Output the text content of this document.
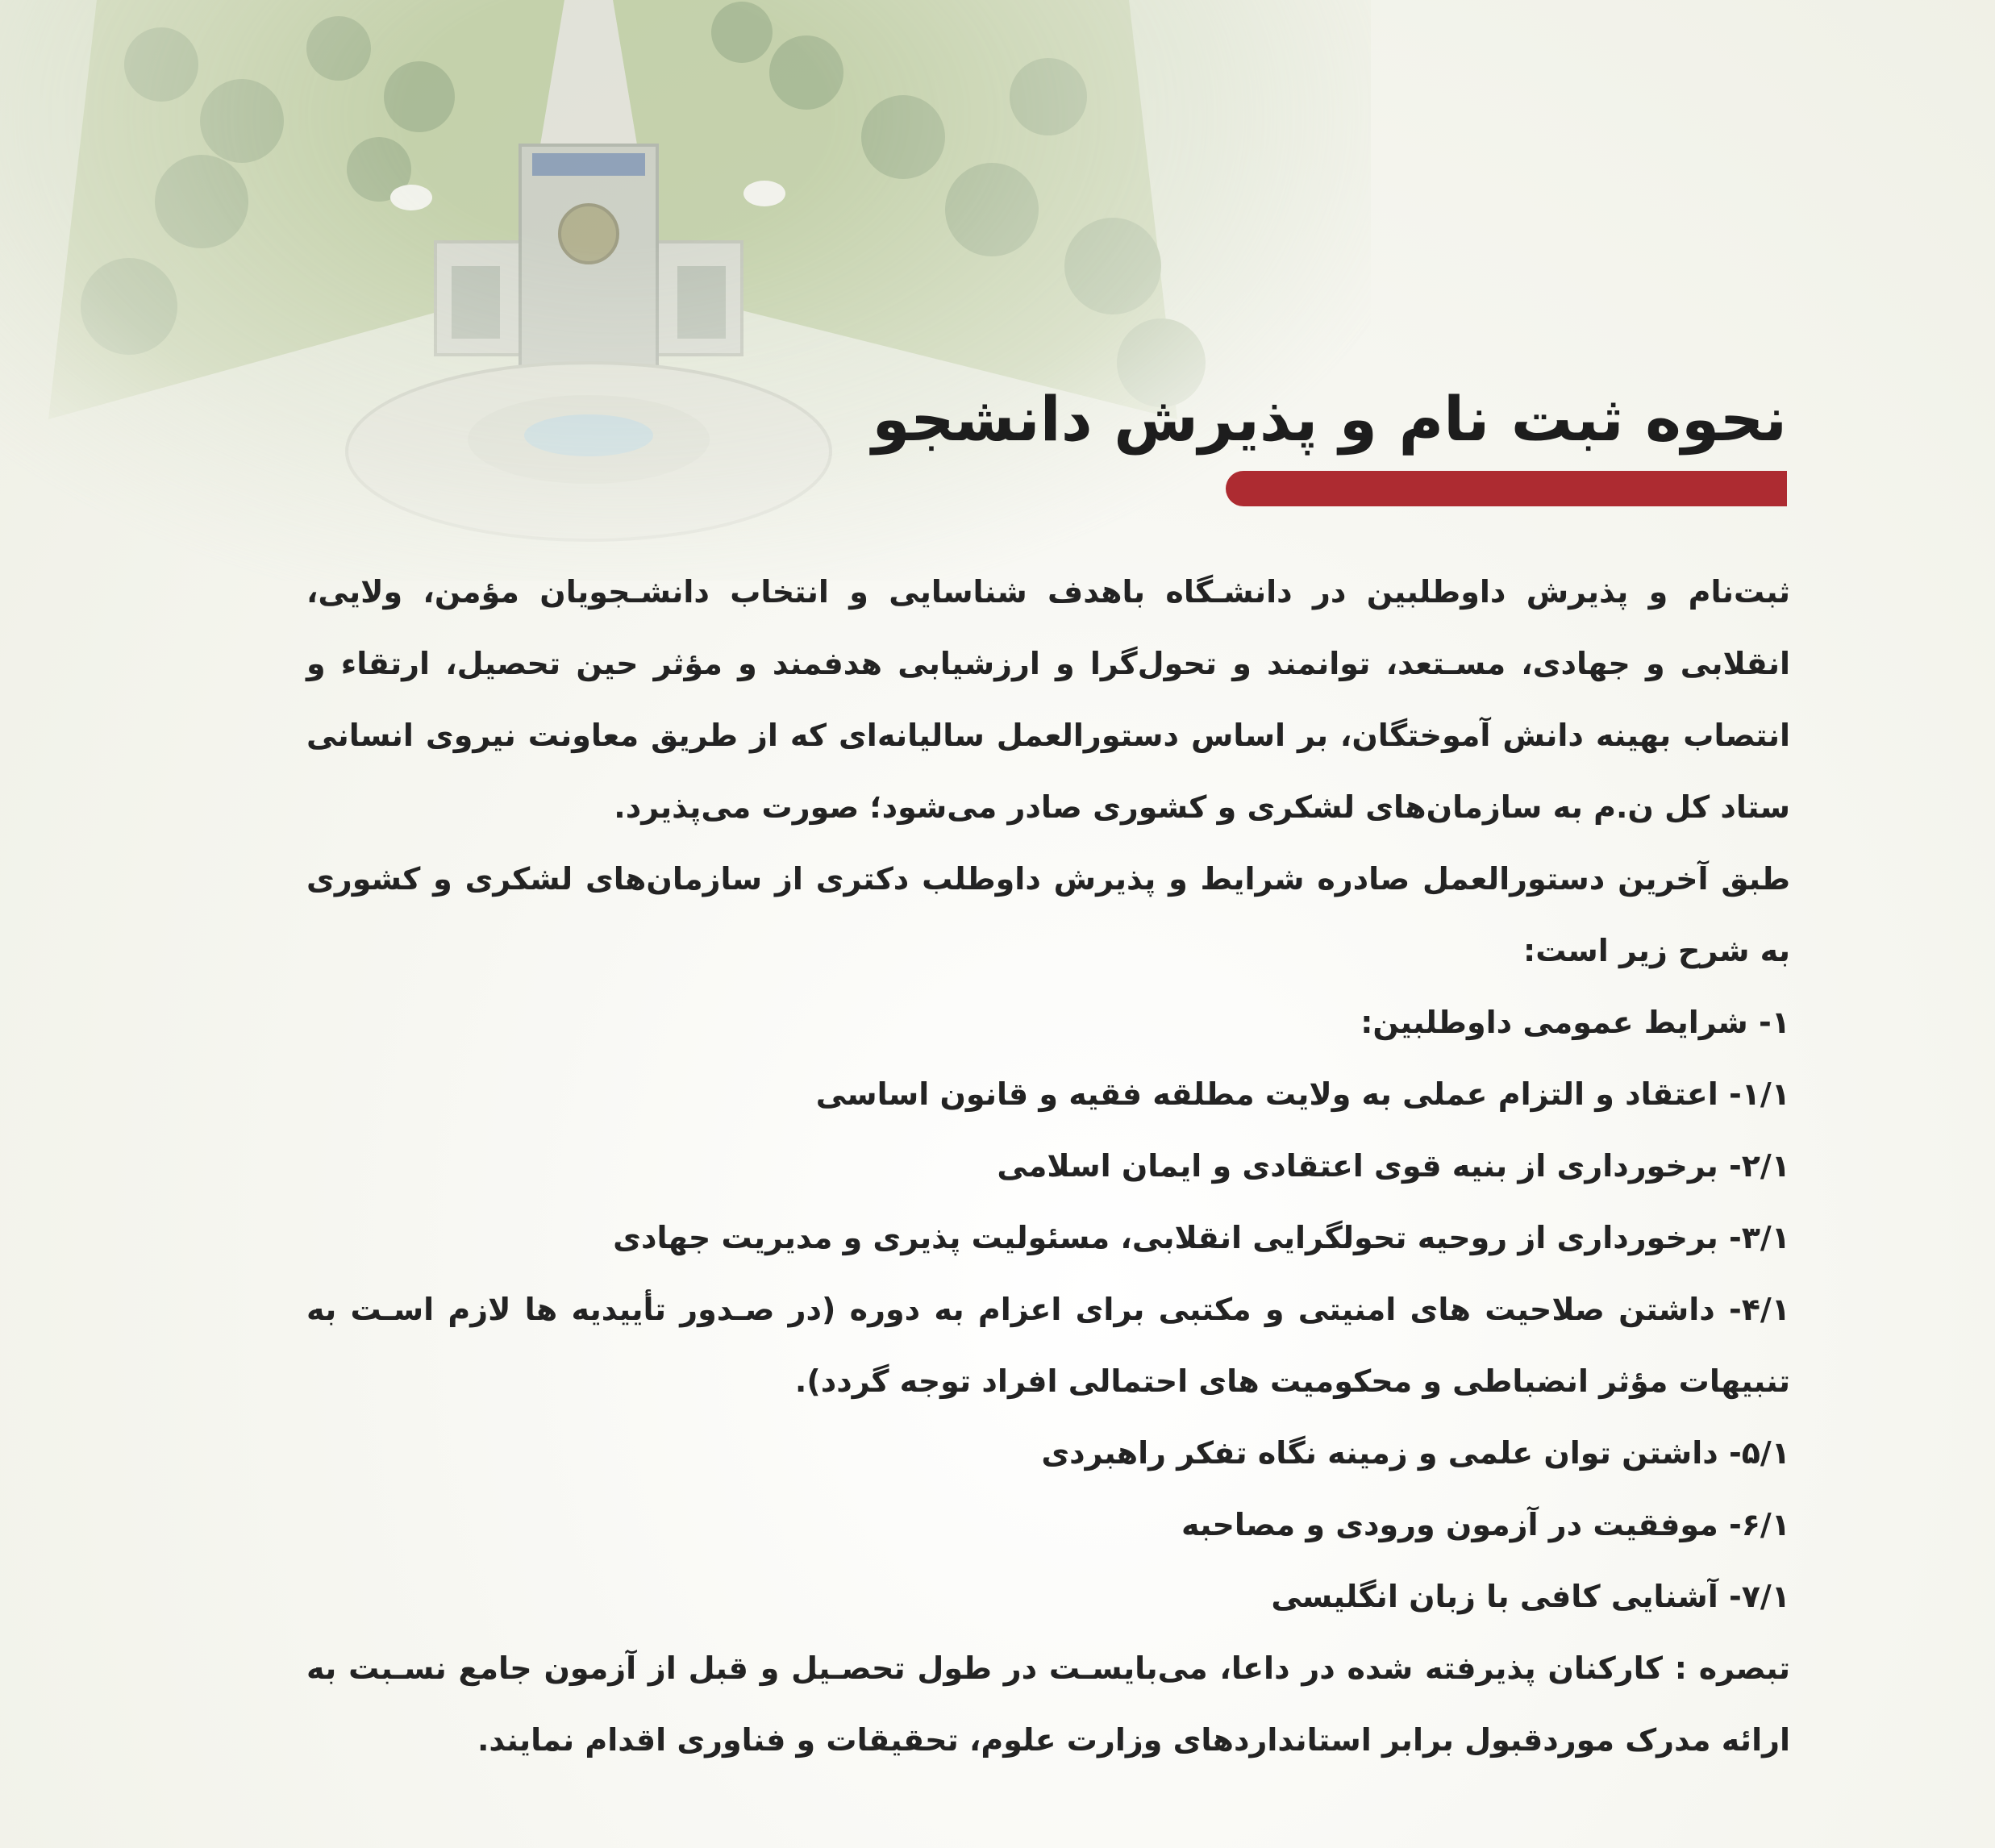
نحوه ثبت نام و پذیرش دانشجو

ثبت‌نام و پذیرش داوطلبین در دانشـگاه باهدف شناسایی و انتخاب دانشـجویان مؤمن، ولایی، انقلابی و جهادی، مسـتعد، توانمند و تحول‌گرا و ارزشیابی هدفمند و مؤثر حین تحصیل، ارتقاء و انتصاب بهینه دانش آموختگان، بر اساس دستورالعمل سالیانه‌ای که از طریق معاونت نیروی انسانی ستاد کل ن.م به سازمان‌های لشکری و کشوری صادر می‌شود؛ صورت می‌پذیرد.

طبق آخرین دستورالعمل صادره شرایط و پذیرش داوطلب دکتری از سازمان‌های لشکری و کشوری به شرح زیر است:

۱- شرایط عمومی داوطلبین:

۱/۱- اعتقاد و التزام عملی به ولایت مطلقه فقیه و قانون اساسی

۲/۱- برخورداری از بنیه قوی اعتقادی و ایمان اسلامی

۳/۱- برخورداری از روحیه تحولگرایی انقلابی، مسئولیت پذیری و مدیریت جهادی

۴/۱- داشتن صلاحیت های امنیتی و مکتبی برای اعزام به دوره (در صـدور تأییدیه ها لازم اسـت به تنبیهات مؤثر انضباطی و محکومیت های احتمالی افراد توجه گردد).

۵/۱- داشتن توان علمی و زمینه نگاه تفکر راهبردی

۶/۱- موفقیت در آزمون ورودی و مصاحبه

۷/۱- آشنایی کافی با زبان انگلیسی

تبصره : کارکنان پذیرفته شده در داعا، می‌بایسـت در طول تحصـیل و قبل از آزمون جامع نسـبت به ارائه مدرک موردقبول برابر استانداردهای وزارت علوم، تحقیقات و فناوری اقدام نمایند.
